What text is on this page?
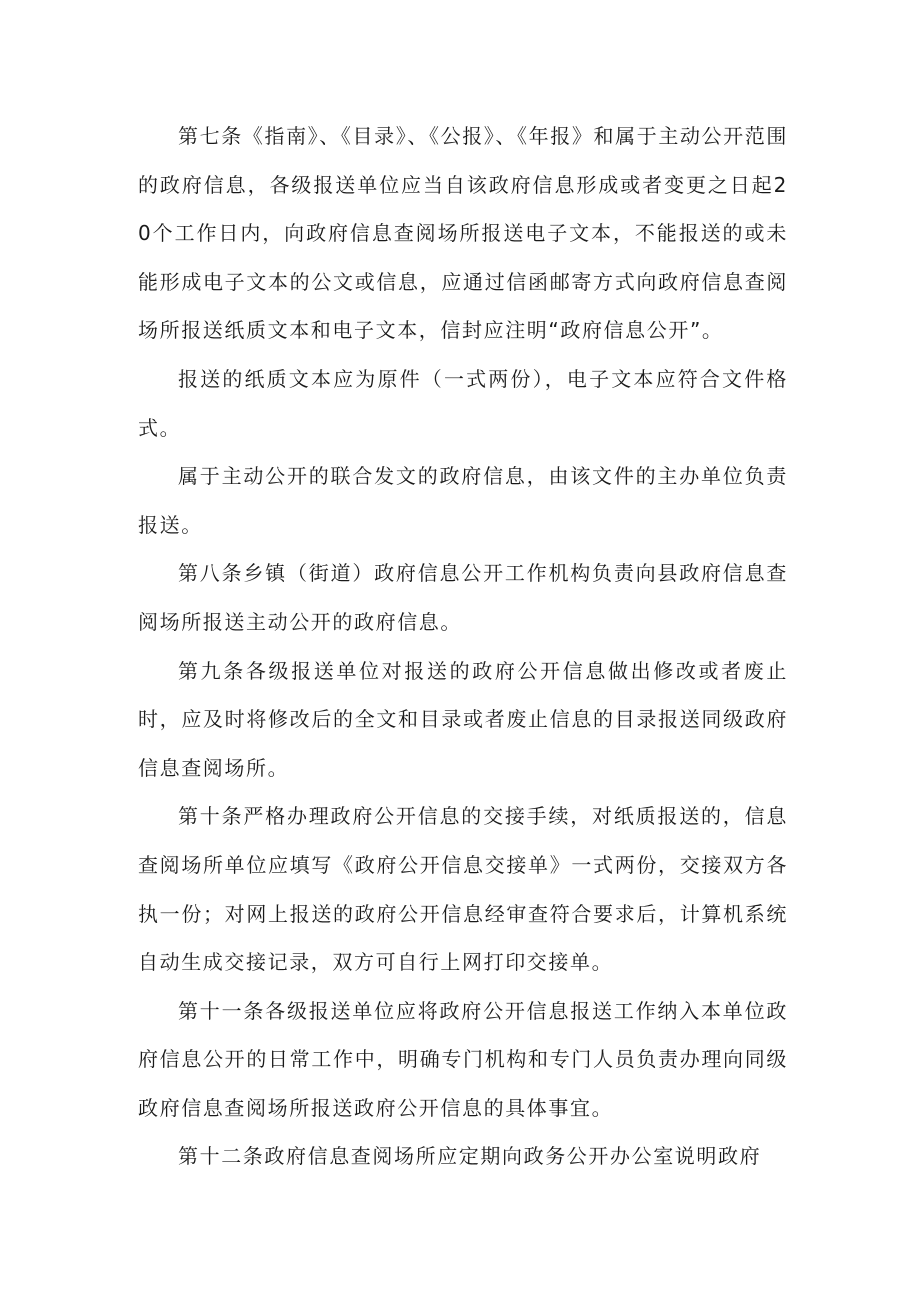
第七条《指南》、《目录》、《公报》、《年报》和属于主动公开范围的政府信息，各级报送单位应当自该政府信息形成或者变更之日起20个工作日内，向政府信息查阅场所报送电子文本，不能报送的或未能形成电子文本的公文或信息，应通过信函邮寄方式向政府信息查阅场所报送纸质文本和电子文本，信封应注明“政府信息公开”。

报送的纸质文本应为原件（一式两份），电子文本应符合文件格式。

属于主动公开的联合发文的政府信息，由该文件的主办单位负责报送。

第八条乡镇（街道）政府信息公开工作机构负责向县政府信息查阅场所报送主动公开的政府信息。

第九条各级报送单位对报送的政府公开信息做出修改或者废止时，应及时将修改后的全文和目录或者废止信息的目录报送同级政府信息查阅场所。

第十条严格办理政府公开信息的交接手续，对纸质报送的，信息查阅场所单位应填写《政府公开信息交接单》一式两份，交接双方各执一份；对网上报送的政府公开信息经审查符合要求后，计算机系统自动生成交接记录，双方可自行上网打印交接单。

第十一条各级报送单位应将政府公开信息报送工作纳入本单位政府信息公开的日常工作中，明确专门机构和专门人员负责办理向同级政府信息查阅场所报送政府公开信息的具体事宜。

第十二条政府信息查阅场所应定期向政务公开办公室说明政府
